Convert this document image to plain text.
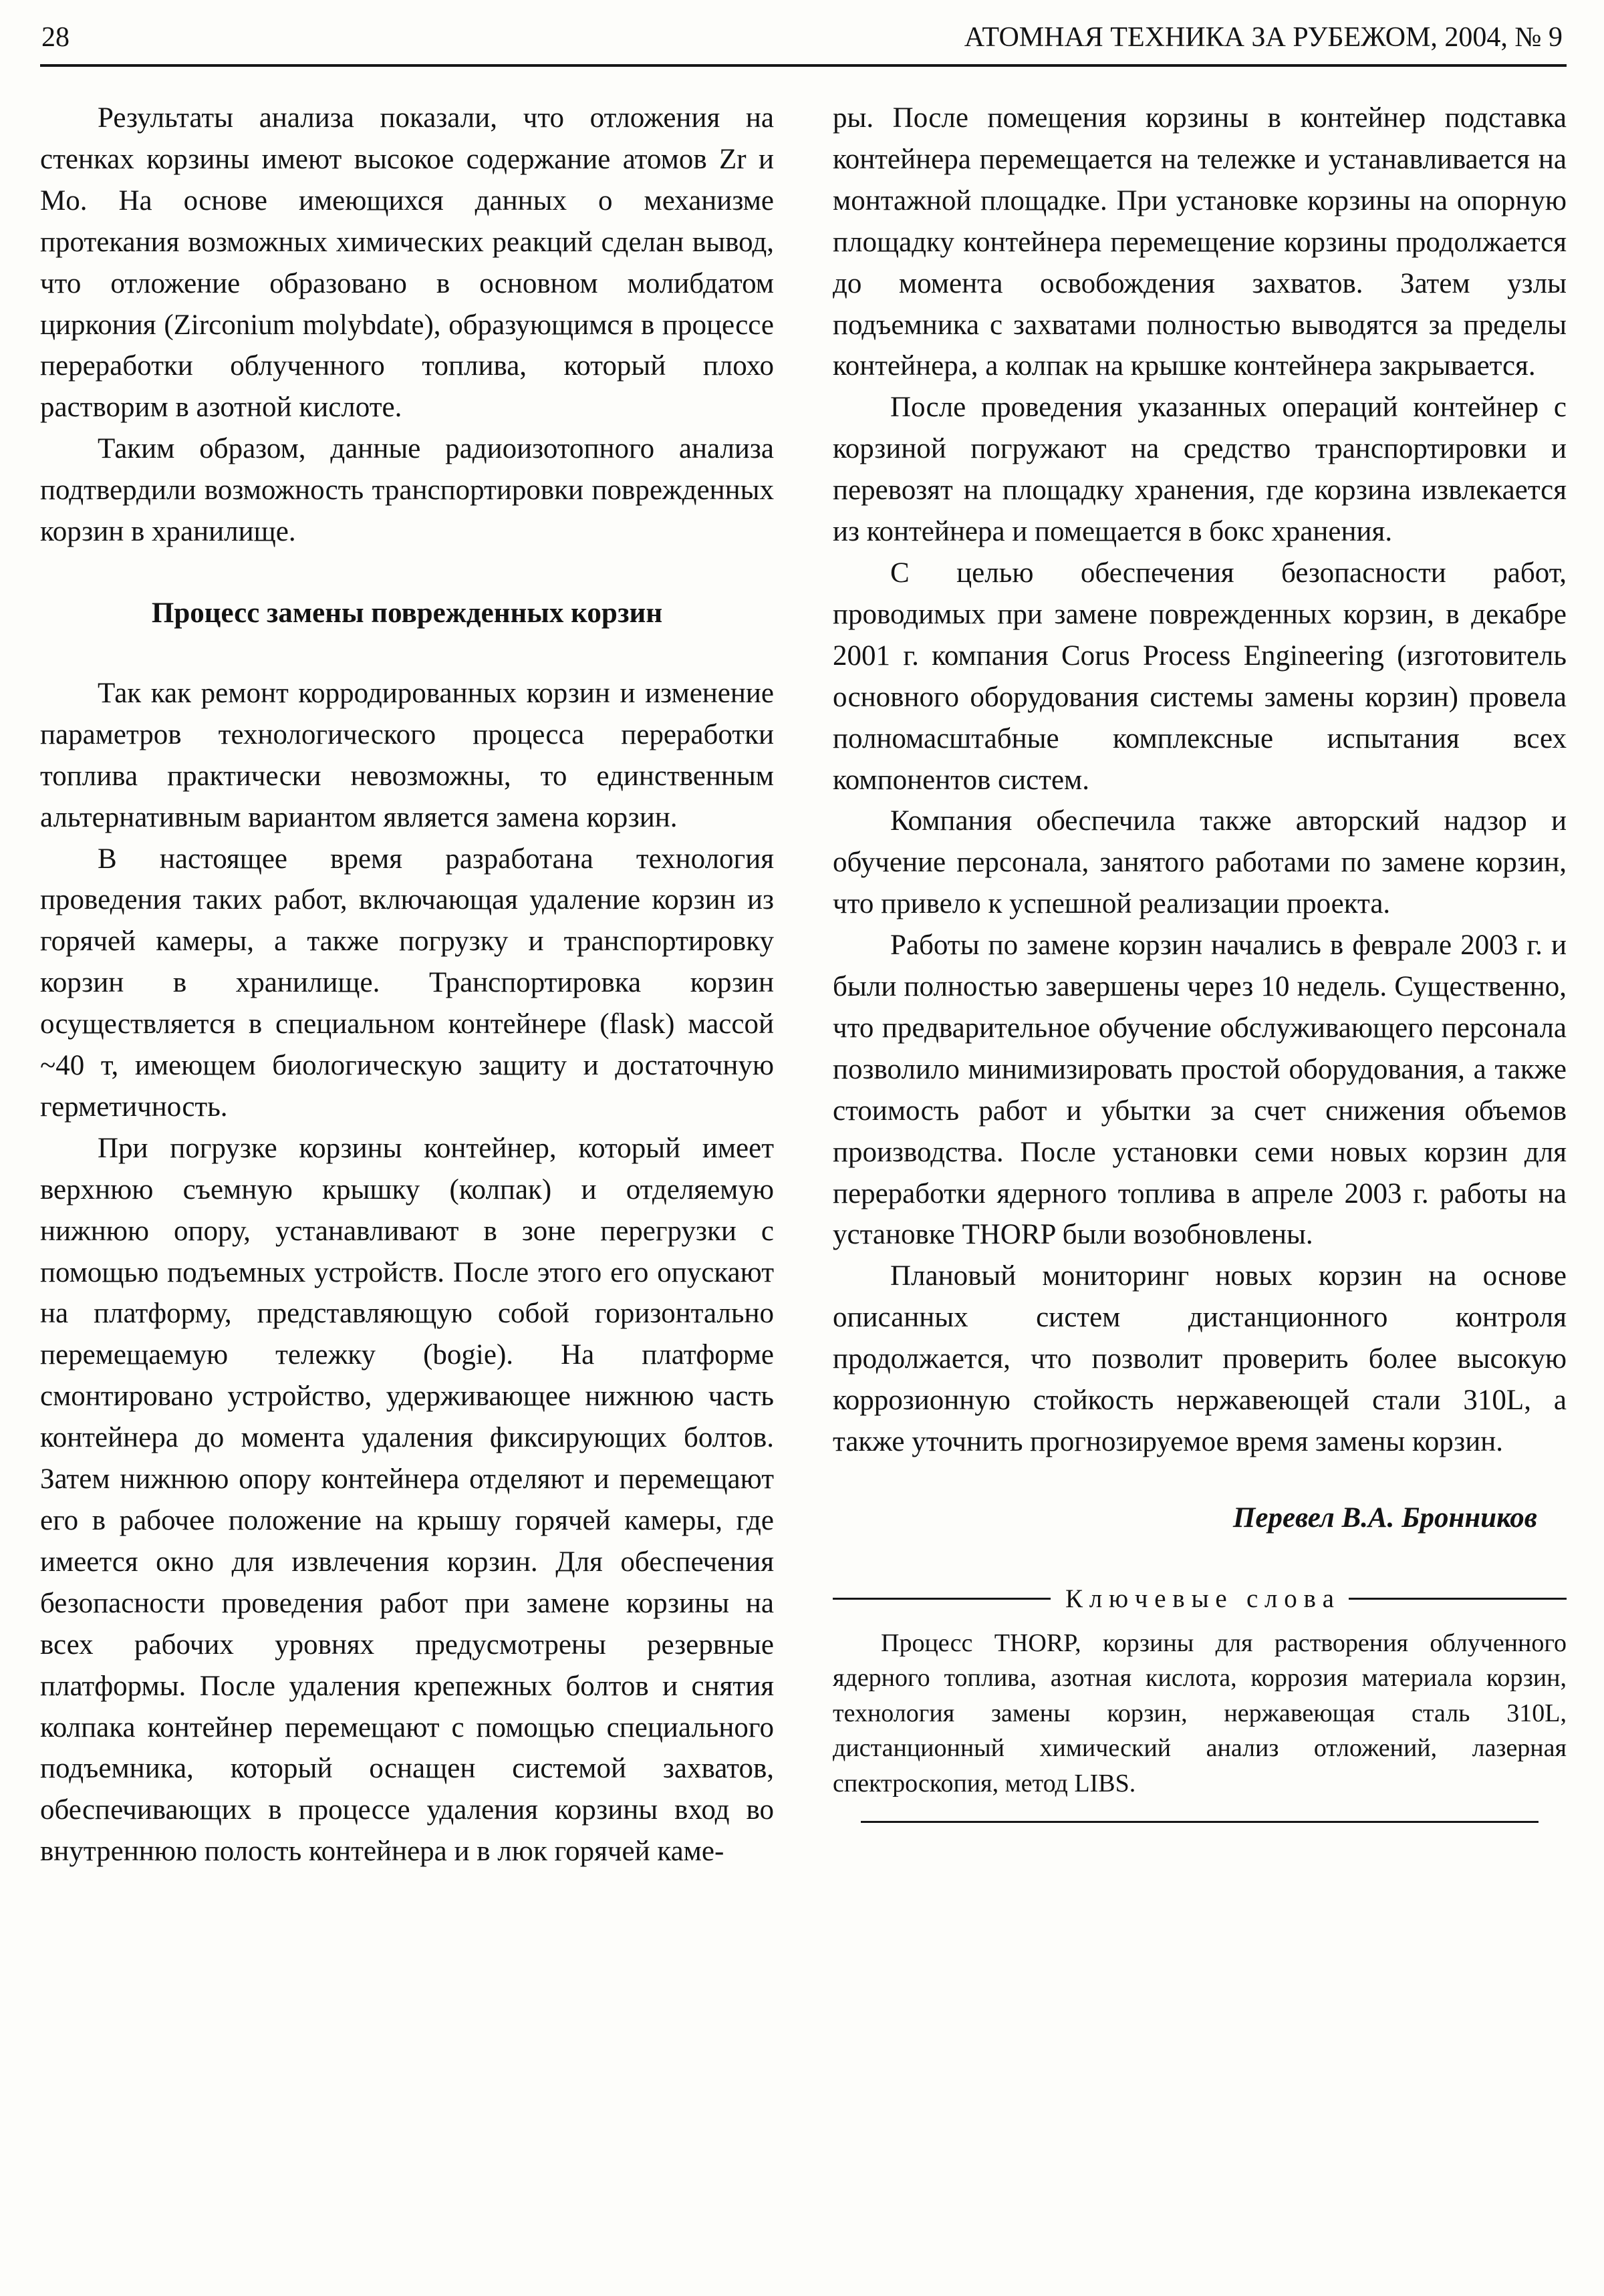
28	АТОМНАЯ ТЕХНИКА ЗА РУБЕЖОМ, 2004, № 9

Результаты анализа показали, что отложения на стенках корзины имеют высокое содержание атомов Zr и Mo. На основе имеющихся данных о механизме протекания возможных химических реакций сделан вывод, что отложение образовано в основном молибдатом циркония (Zirconium molybdate), образующимся в процессе переработки облученного топлива, который плохо растворим в азотной кислоте.

Таким образом, данные радиоизотопного анализа подтвердили возможность транспортировки поврежденных корзин в хранилище.

Процесс замены поврежденных корзин

Так как ремонт корродированных корзин и изменение параметров технологического процесса переработки топлива практически невозможны, то единственным альтернативным вариантом является замена корзин.

В настоящее время разработана технология проведения таких работ, включающая удаление корзин из горячей камеры, а также погрузку и транспортировку корзин в хранилище. Транспортировка корзин осуществляется в специальном контейнере (flask) массой ~40 т, имеющем биологическую защиту и достаточную герметичность.

При погрузке корзины контейнер, который имеет верхнюю съемную крышку (колпак) и отделяемую нижнюю опору, устанавливают в зоне перегрузки с помощью подъемных устройств. После этого его опускают на платформу, представляющую собой горизонтально перемещаемую тележку (bogie). На платформе смонтировано устройство, удерживающее нижнюю часть контейнера до момента удаления фиксирующих болтов. Затем нижнюю опору контейнера отделяют и перемещают его в рабочее положение на крышу горячей камеры, где имеется окно для извлечения корзин. Для обеспечения безопасности проведения работ при замене корзины на всех рабочих уровнях предусмотрены резервные платформы. После удаления крепежных болтов и снятия колпака контейнер перемещают с помощью специального подъемника, который оснащен системой захватов, обеспечивающих в процессе удаления корзины вход во внутреннюю полость контейнера и в люк горячей каме-

ры. После помещения корзины в контейнер подставка контейнера перемещается на тележке и устанавливается на монтажной площадке. При установке корзины на опорную площадку контейнера перемещение корзины продолжается до момента освобождения захватов. Затем узлы подъемника с захватами полностью выводятся за пределы контейнера, а колпак на крышке контейнера закрывается.

После проведения указанных операций контейнер с корзиной погружают на средство транспортировки и перевозят на площадку хранения, где корзина извлекается из контейнера и помещается в бокс хранения.

С целью обеспечения безопасности работ, проводимых при замене поврежденных корзин, в декабре 2001 г. компания Corus Process Engineering (изготовитель основного оборудования системы замены корзин) провела полномасштабные комплексные испытания всех компонентов систем.

Компания обеспечила также авторский надзор и обучение персонала, занятого работами по замене корзин, что привело к успешной реализации проекта.

Работы по замене корзин начались в феврале 2003 г. и были полностью завершены через 10 недель. Существенно, что предварительное обучение обслуживающего персонала позволило минимизировать простой оборудования, а также стоимость работ и убытки за счет снижения объемов производства. После установки семи новых корзин для переработки ядерного топлива в апреле 2003 г. работы на установке THORP были возобновлены.

Плановый мониторинг новых корзин на основе описанных систем дистанционного контроля продолжается, что позволит проверить более высокую коррозионную стойкость нержавеющей стали 310L, а также уточнить прогнозируемое время замены корзин.

Перевел В.А. Бронников

К л ю ч е в ы е   с л о в а

Процесс THORP, корзины для растворения облученного ядерного топлива, азотная кислота, коррозия материала корзин, технология замены корзин, нержавеющая сталь 310L, дистанционный химический анализ отложений, лазерная спектроскопия, метод LIBS.
